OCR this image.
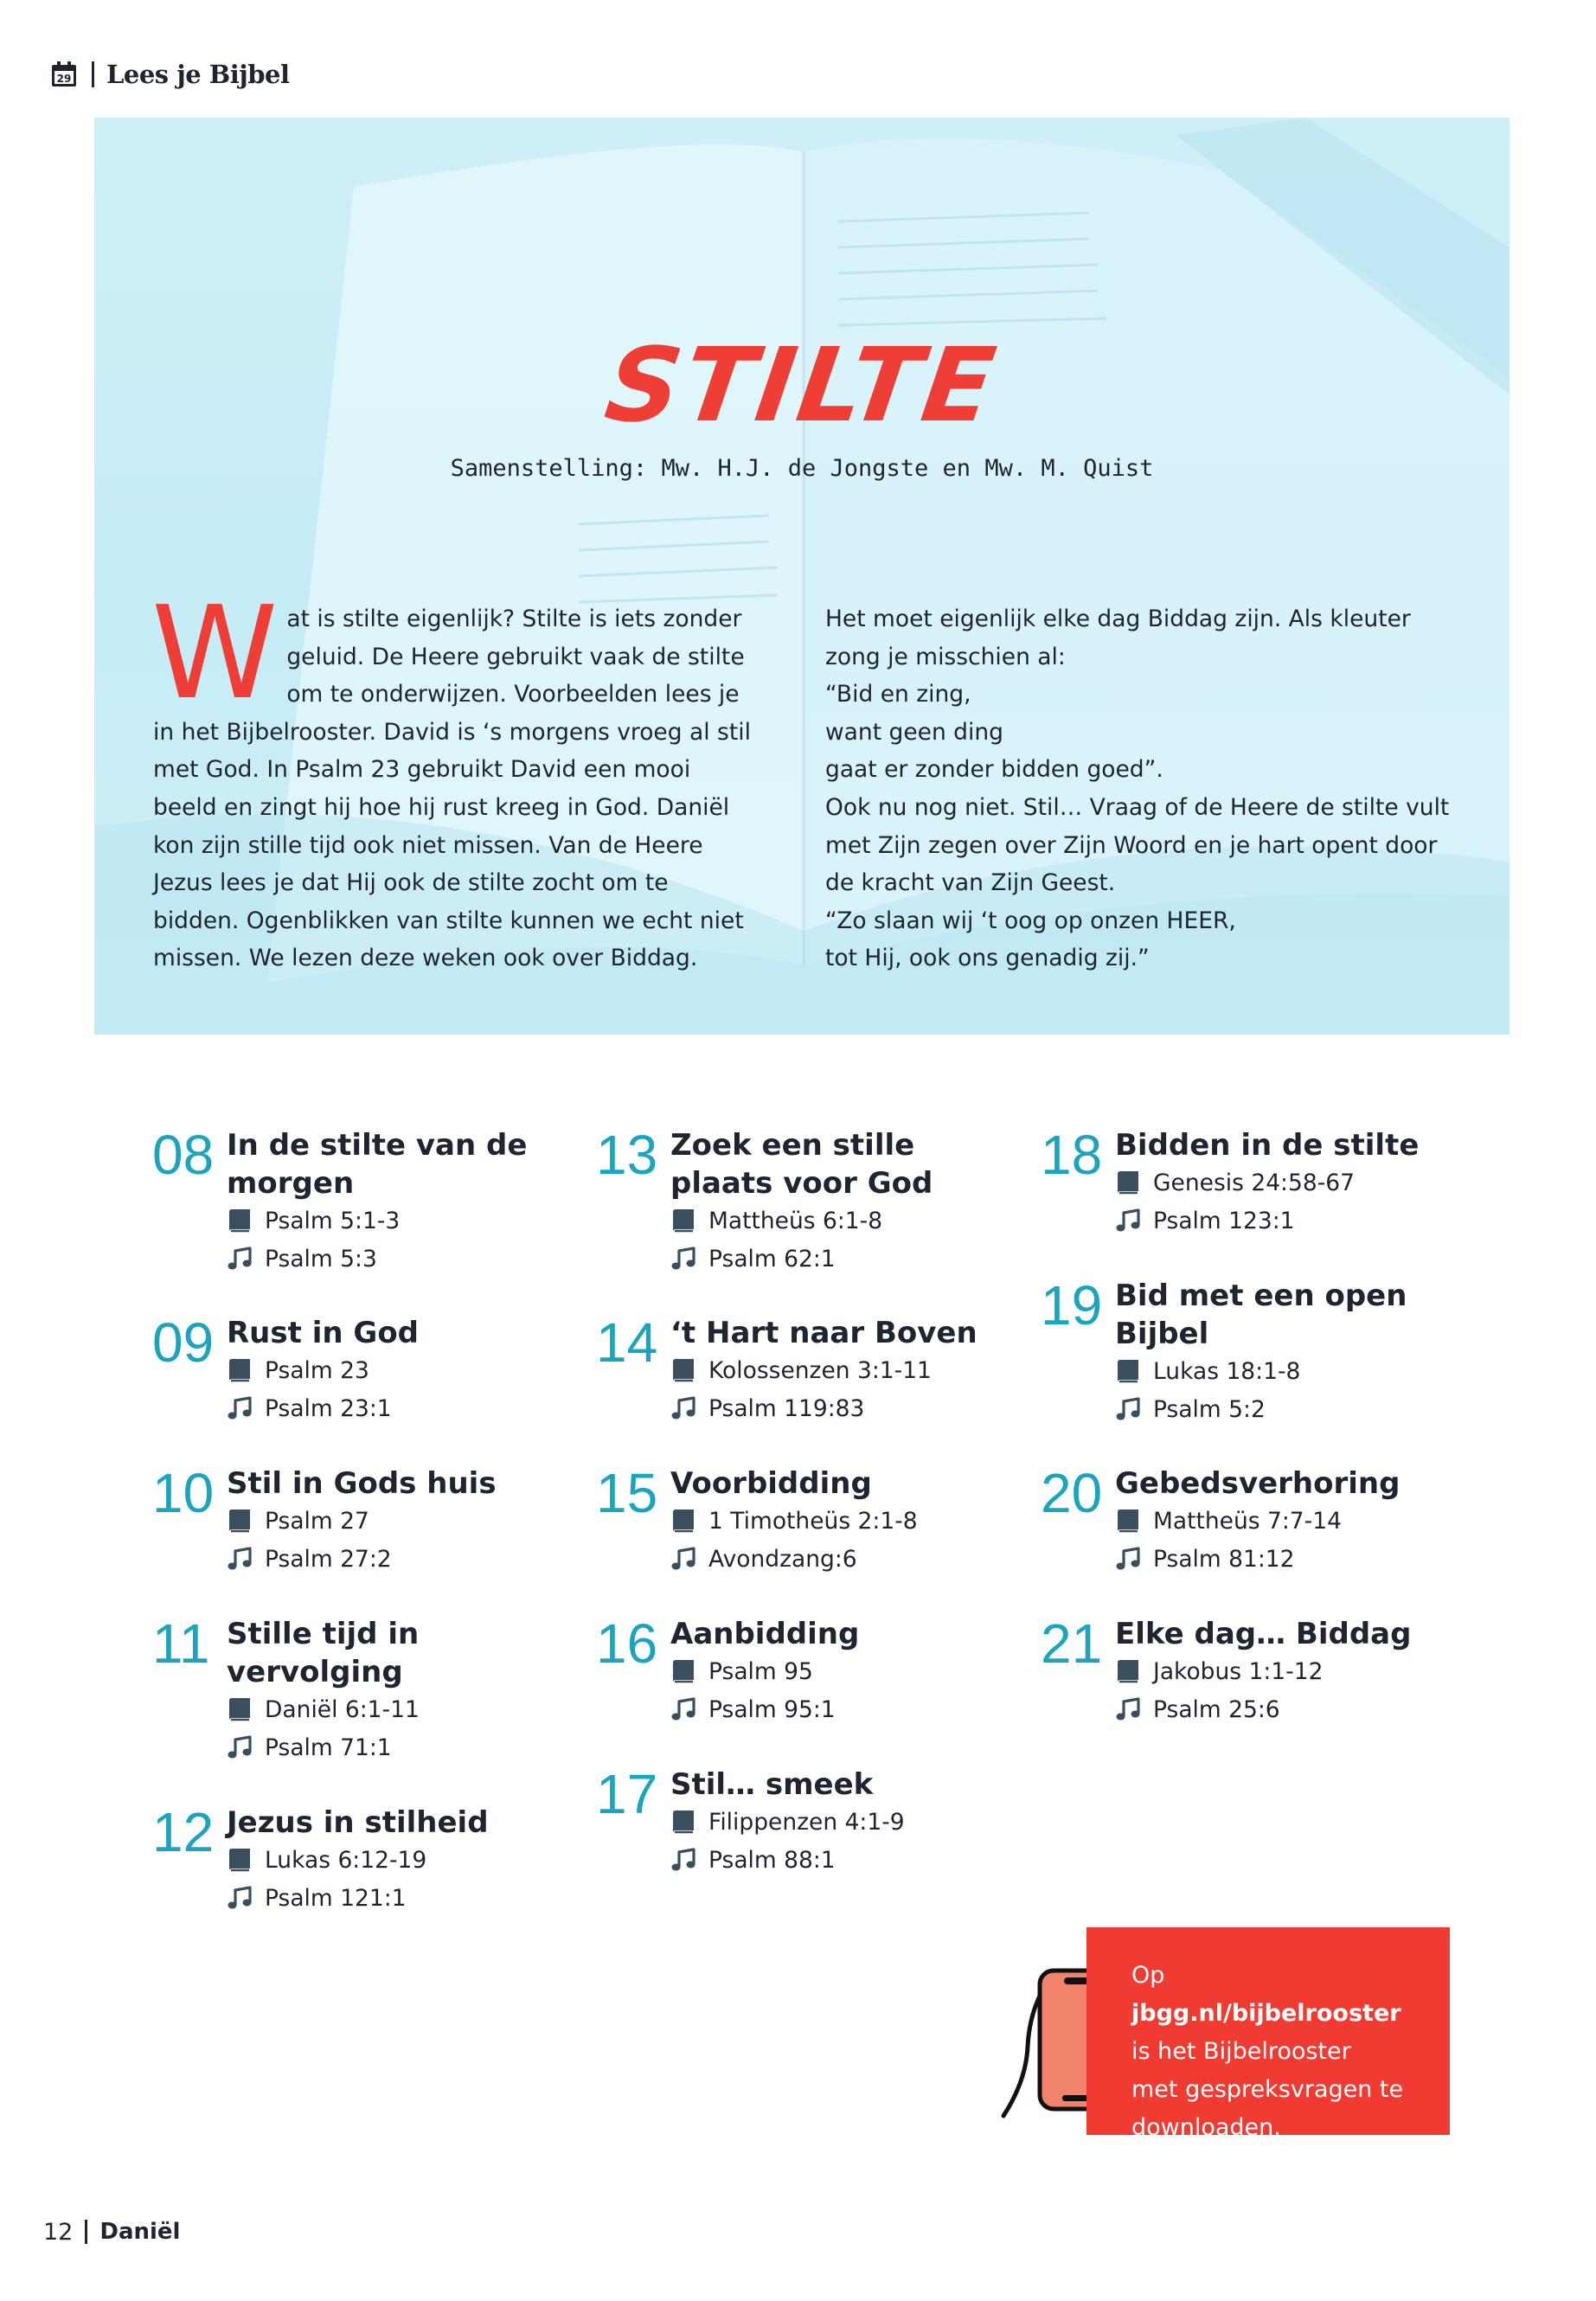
29 Lees je Bijbel
STILTE
Samenstelling: Mw. H.J. de Jongste en Mw. M. Quist

Wat is stilte eigenlijk? Stilte is iets zonder geluid. De Heere gebruikt vaak de stilte om te onderwijzen. Voorbeelden lees je in het Bijbelrooster. David is ‘s morgens vroeg al stil met God. In Psalm 23 gebruikt David een mooi beeld en zingt hij hoe hij rust kreeg in God. Daniël kon zijn stille tijd ook niet missen. Van de Heere Jezus lees je dat Hij ook de stilte zocht om te bidden. Ogenblikken van stilte kunnen we echt niet missen. We lezen deze weken ook over Biddag.

Het moet eigenlijk elke dag Biddag zijn. Als kleuter zong je misschien al:

“Bid en zing,

want geen ding

gaat er zonder bidden goed”.

Ook nu nog niet. Stil… Vraag of de Heere de stilte vult met Zijn zegen over Zijn Woord en je hart opent door de kracht van Zijn Geest.

“Zo slaan wij ‘t oog op onzen HEER,

tot Hij, ook ons genadig zij.”

08 In de stilte van de morgen
Psalm 5:1-3
Psalm 5:3
09 Rust in God
Psalm 23
Psalm 23:1
10 Stil in Gods huis
Psalm 27
Psalm 27:2
11 Stille tijd in vervolging
Daniël 6:1-11
Psalm 71:1
12 Jezus in stilheid
Lukas 6:12-19
Psalm 121:1
13 Zoek een stille plaats voor God
Mattheüs 6:1-8
Psalm 62:1
14 ‘t Hart naar Boven
Kolossenzen 3:1-11
Psalm 119:83
15 Voorbidding
1 Timotheüs 2:1-8
Avondzang:6
16 Aanbidding
Psalm 95
Psalm 95:1
17 Stil… smeek
Filippenzen 4:1-9
Psalm 88:1
18 Bidden in de stilte
Genesis 24:58-67
Psalm 123:1
19 Bid met een open Bijbel
Lukas 18:1-8
Psalm 5:2
20 Gebedsverhoring
Mattheüs 7:7-14
Psalm 81:12
21 Elke dag… Biddag
Jakobus 1:1-12
Psalm 25:6
Op jbgg.nl/bijbelrooster
is het Bijbelrooster
met gespreksvragen te
downloaden.
12 Daniël
